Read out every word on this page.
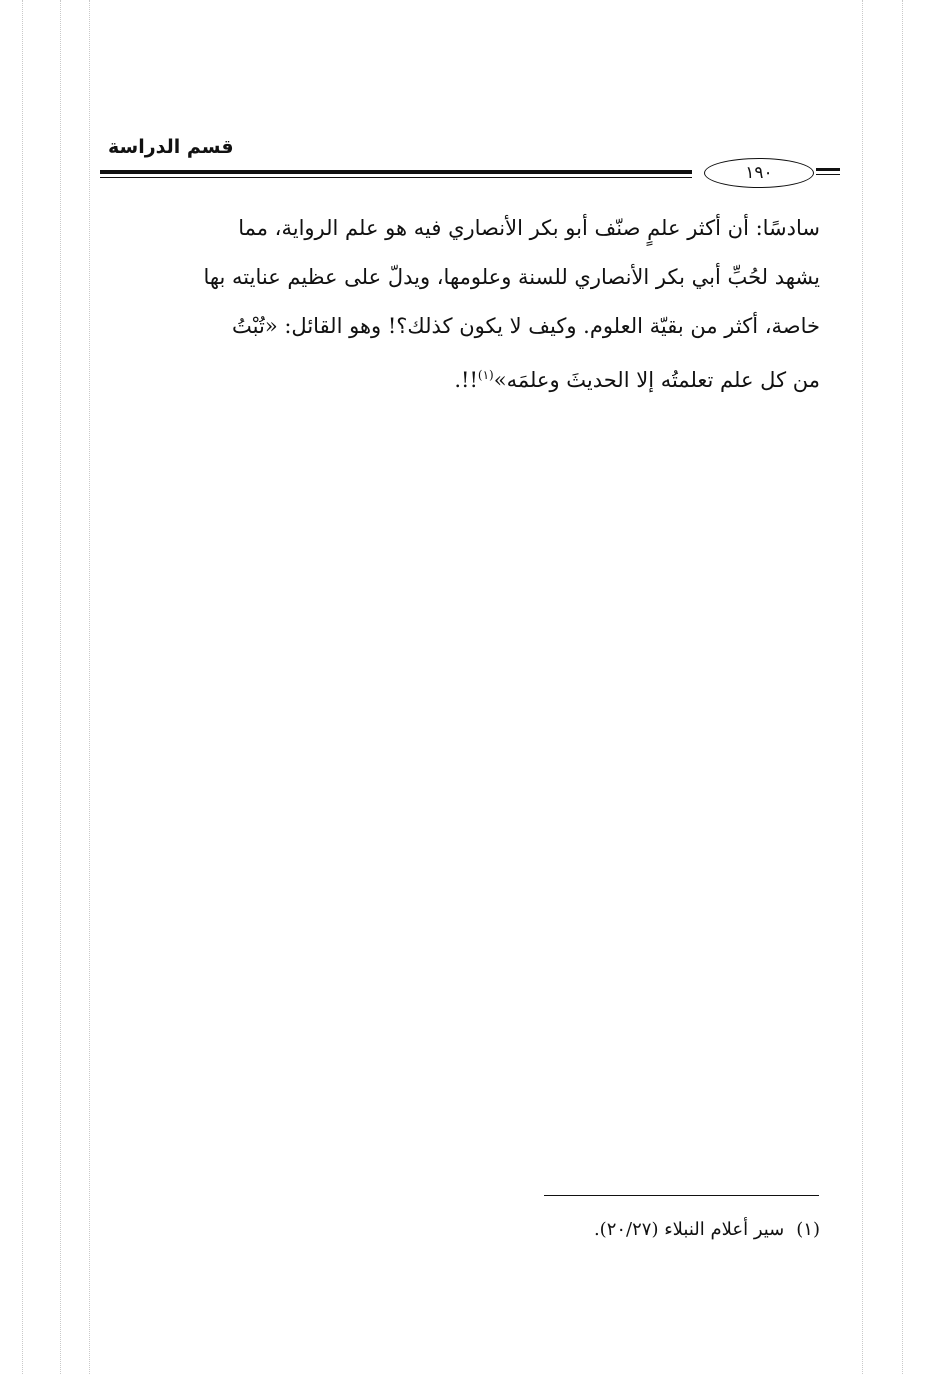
قسم الدراسة
١٩٠
سادسًا: أن أكثر علمٍ صنّف أبو بكر الأنصاري فيه هو علم الرواية، مما
يشهد لحُبِّ أبي بكر الأنصاري للسنة وعلومها، ويدلّ على عظيم عنايته بها
خاصة، أكثر من بقيّة العلوم. وكيف لا يكون كذلك؟! وهو القائل: «تُبْتُ
من كل علم تعلمتُه إلا الحديثَ وعلمَه»$^{(١)}$!!.
(١)سير أعلام النبلاء (٢٠/٢٧).
